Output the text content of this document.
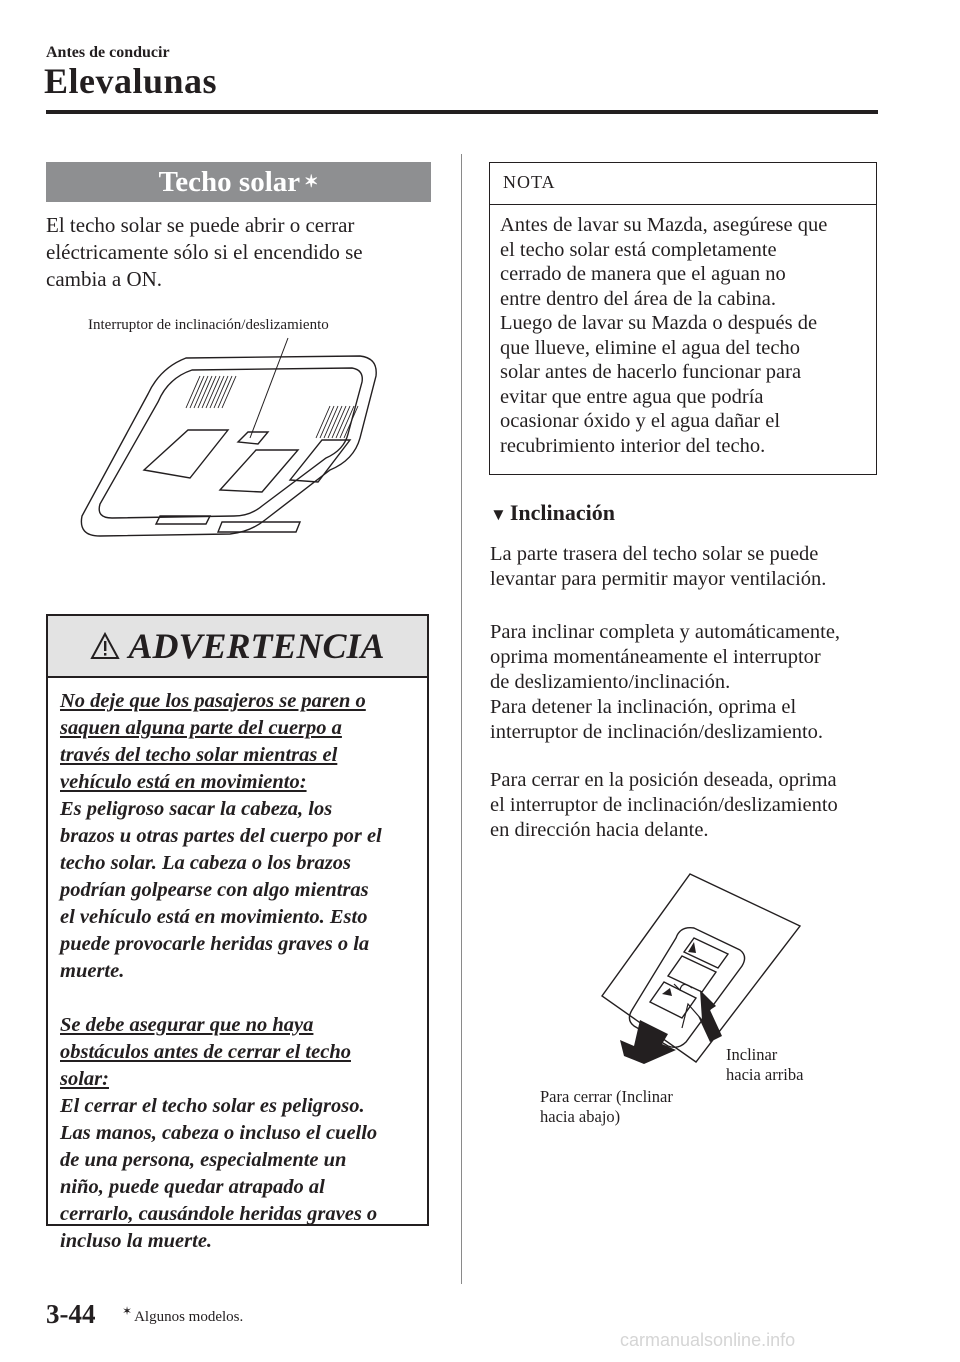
Antes de conducir
Elevalunas
Techo solar ✶
El techo solar se puede abrir o cerrar
eléctricamente sólo si el encendido se
cambia a ON.
Interruptor de inclinación/deslizamiento
ADVERTENCIA
No deje que los pasajeros se paren o
saquen alguna parte del cuerpo a
través del techo solar mientras el
vehículo está en movimiento:
Es peligroso sacar la cabeza, los
brazos u otras partes del cuerpo por el
techo solar. La cabeza o los brazos
podrían golpearse con algo mientras
el vehículo está en movimiento. Esto
puede provocarle heridas graves o la
muerte.
Se debe asegurar que no haya
obstáculos antes de cerrar el techo
solar:
El cerrar el techo solar es peligroso.
Las manos, cabeza o incluso el cuello
de una persona, especialmente un
niño, puede quedar atrapado al
cerrarlo, causándole heridas graves o
incluso la muerte.
NOTA
Antes de lavar su Mazda, asegúrese que
el techo solar está completamente
cerrado de manera que el aguan no
entre dentro del área de la cabina.
Luego de lavar su Mazda o después de
que llueve, elimine el agua del techo
solar antes de hacerlo funcionar para
evitar que entre agua que podría
ocasionar óxido y el agua dañar el
recubrimiento interior del techo.
▼ Inclinación
La parte trasera del techo solar se puede
levantar para permitir mayor ventilación.
Para inclinar completa y automáticamente,
oprima momentáneamente el interruptor
de deslizamiento/inclinación.
Para detener la inclinación, oprima el
interruptor de inclinación/deslizamiento.
Para cerrar en la posición deseada, oprima
el interruptor de inclinación/deslizamiento
en dirección hacia delante.
Inclinar
hacia arriba
Para cerrar (Inclinar
hacia abajo)
3-44 ✶ Algunos modelos.
carmanualsonline.info
